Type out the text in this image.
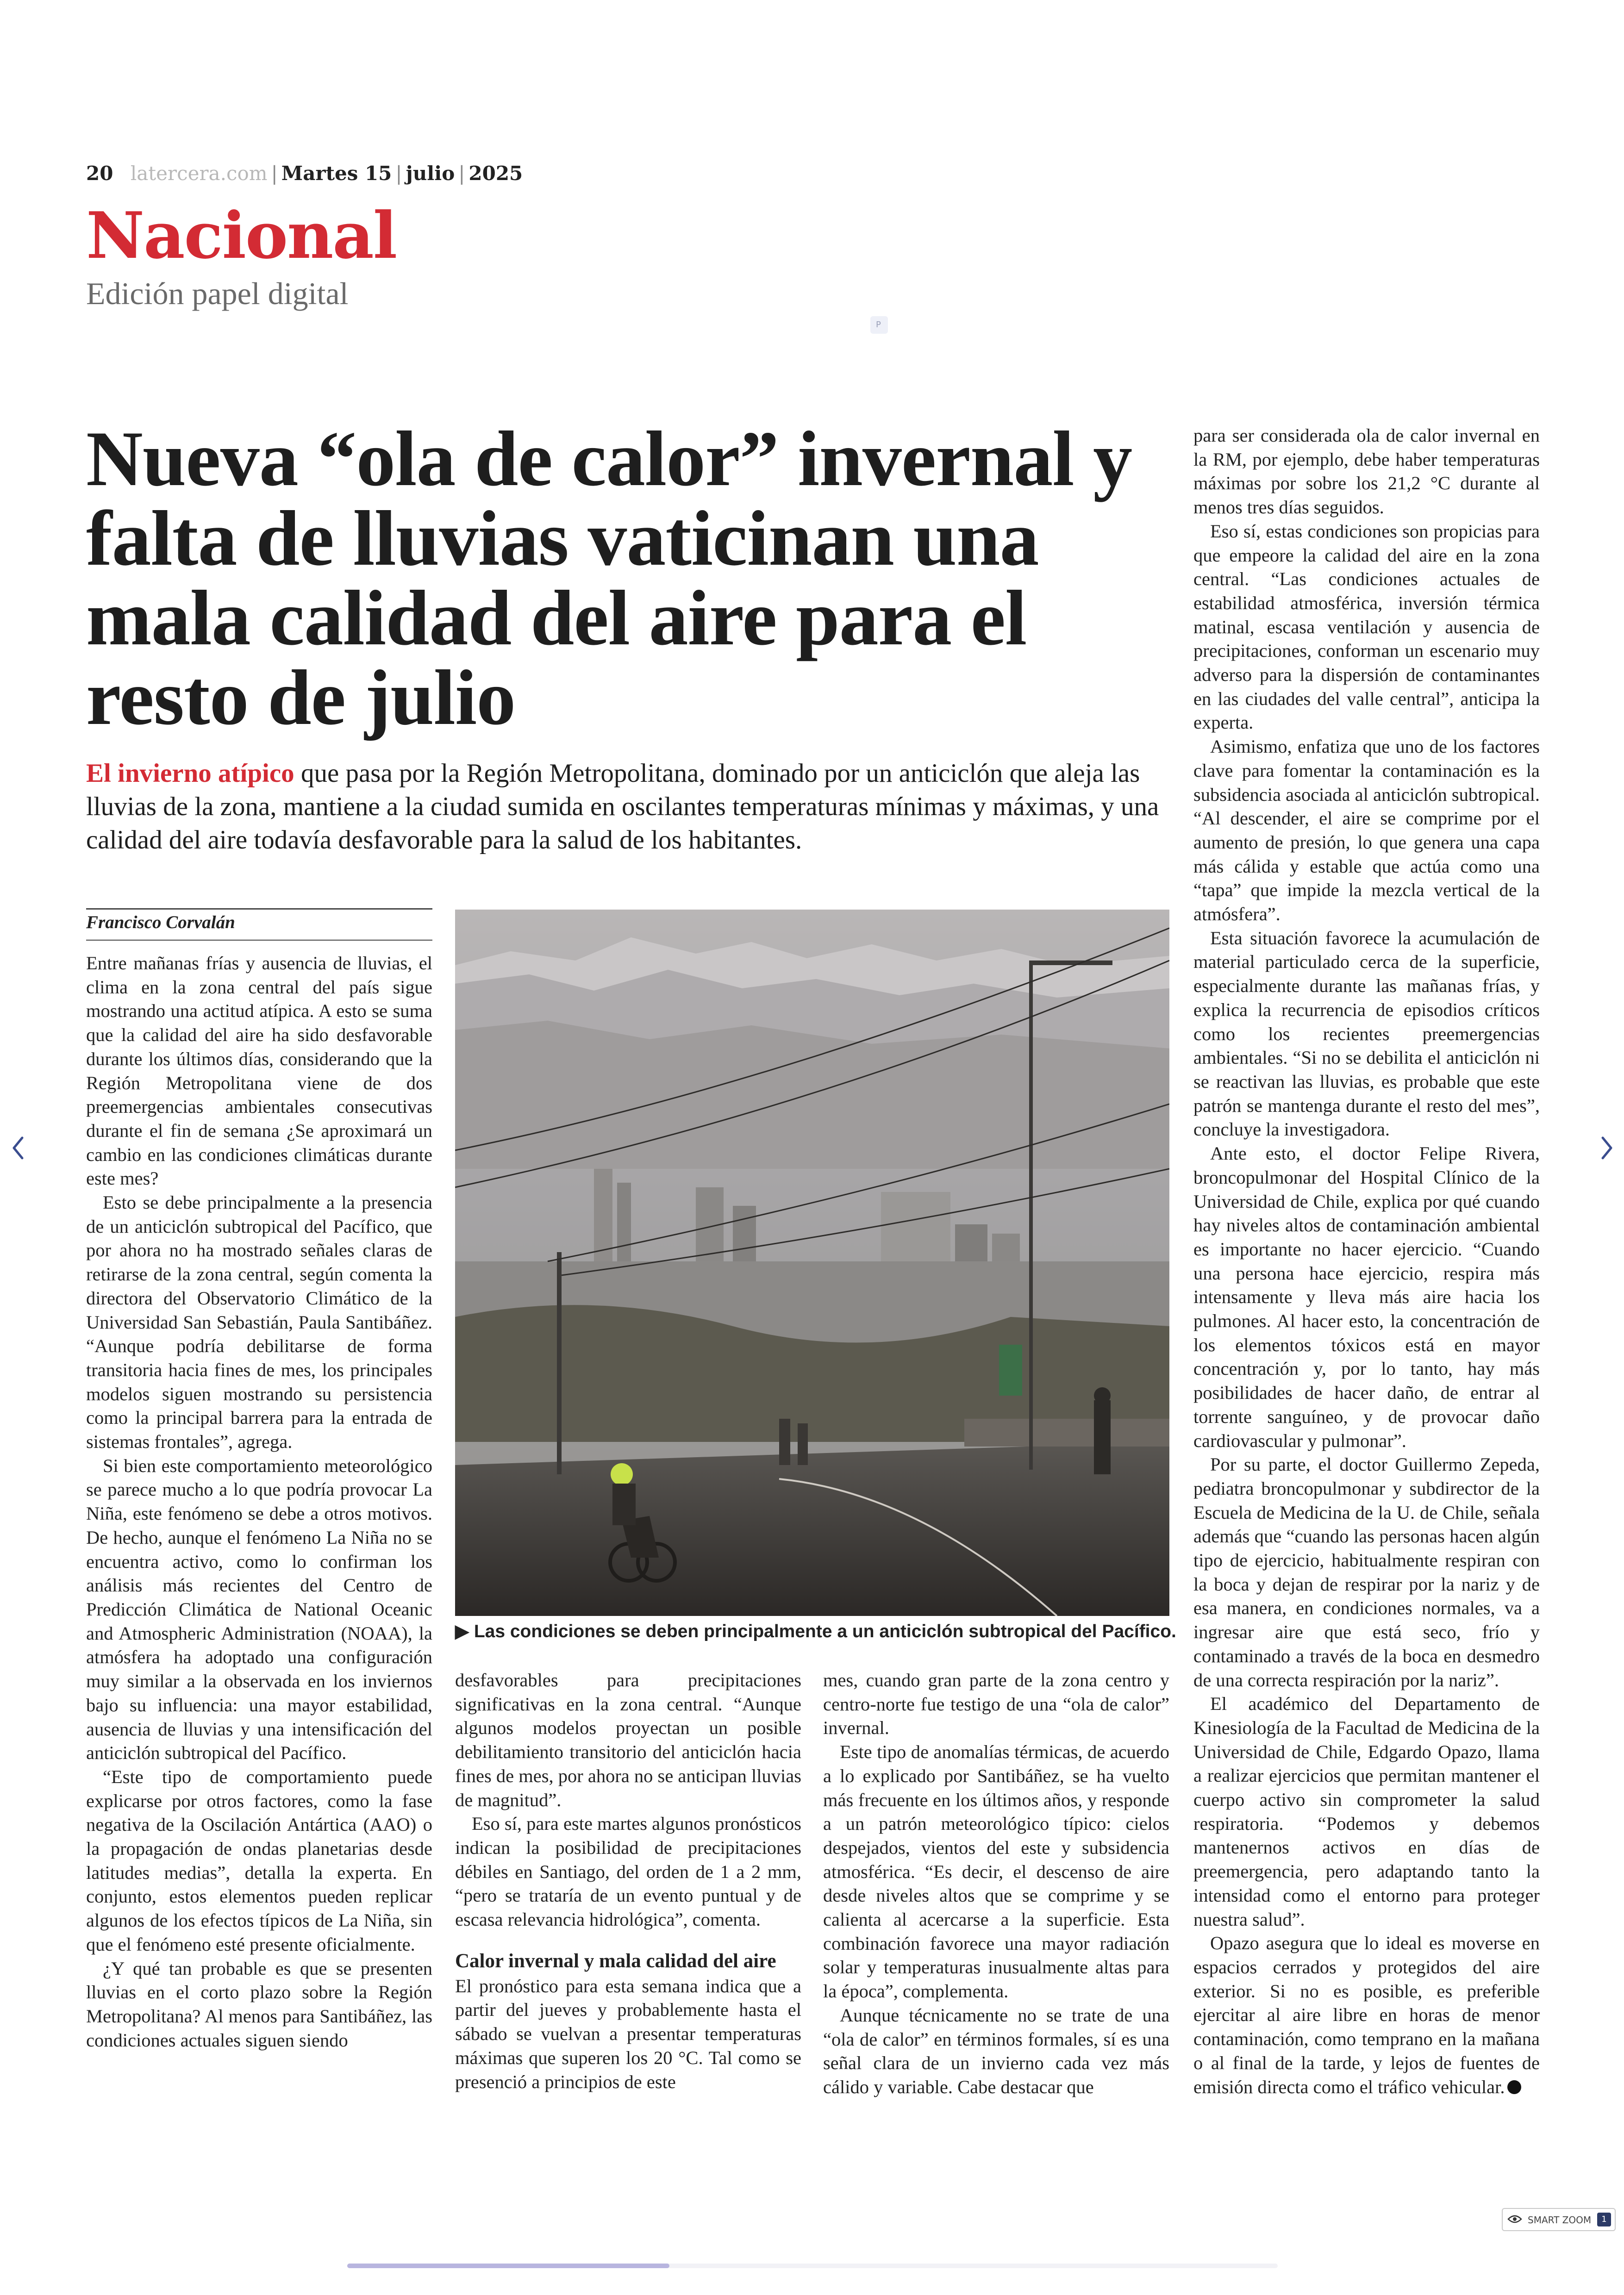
20 latercera.com | Martes 15 | julio | 2025
Nacional
Edición papel digital
P
Nueva “ola de calor” invernal y falta de lluvias vaticinan una mala calidad del aire para el resto de julio
El invierno atípico que pasa por la Región Metropolitana, dominado por un anticiclón que aleja las lluvias de la zona, mantiene a la ciudad sumida en oscilantes temperaturas mínimas y máximas, y una calidad del aire todavía desfavorable para la salud de los habitantes.
Francisco Corvalán

Entre mañanas frías y ausencia de lluvias, el clima en la zona central del país sigue mostrando una actitud atípica. A esto se suma que la calidad del aire ha sido desfavorable durante los últimos días, considerando que la Región Metropolitana viene de dos preemergencias ambientales consecutivas durante el fin de semana ¿Se aproximará un cambio en las condiciones climáticas durante este mes?

Esto se debe principalmente a la presencia de un anticiclón subtropical del Pacífico, que por ahora no ha mostrado señales claras de retirarse de la zona central, según comenta la directora del Observatorio Climático de la Universidad San Sebastián, Paula Santibáñez. “Aunque podría debilitarse de forma transitoria hacia fines de mes, los principales modelos siguen mostrando su persistencia como la principal barrera para la entrada de sistemas frontales”, agrega.

Si bien este comportamiento meteorológico se parece mucho a lo que podría provocar La Niña, este fenómeno se debe a otros motivos. De hecho, aunque el fenómeno La Niña no se encuentra activo, como lo confirman los análisis más recientes del Centro de Predicción Climática de National Oceanic and Atmospheric Administration (NOAA), la atmósfera ha adoptado una configuración muy similar a la observada en los inviernos bajo su influencia: una mayor estabilidad, ausencia de lluvias y una intensificación del anticiclón subtropical del Pacífico.

“Este tipo de comportamiento puede explicarse por otros factores, como la fase negativa de la Oscilación Antártica (AAO) o la propagación de ondas planetarias desde latitudes medias”, detalla la experta. En conjunto, estos elementos pueden replicar algunos de los efectos típicos de La Niña, sin que el fenómeno esté presente oficialmente.

¿Y qué tan probable es que se presenten lluvias en el corto plazo sobre la Región Metropolitana? Al menos para Santibáñez, las condiciones actuales siguen siendo

▶ Las condiciones se deben principalmente a un anticiclón subtropical del Pacífico.

desfavorables para precipitaciones significativas en la zona central. “Aunque algunos modelos proyectan un posible debilitamiento transitorio del anticiclón hacia fines de mes, por ahora no se anticipan lluvias de magnitud”.

Eso sí, para este martes algunos pronósticos indican la posibilidad de precipitaciones débiles en Santiago, del orden de 1 a 2 mm, “pero se trataría de un evento puntual y de escasa relevancia hidrológica”, comenta.

Calor invernal y mala calidad del aire

El pronóstico para esta semana indica que a partir del jueves y probablemente hasta el sábado se vuelvan a presentar temperaturas máximas que superen los 20 °C. Tal como se presenció a principios de este

mes, cuando gran parte de la zona centro y centro-norte fue testigo de una “ola de calor” invernal.

Este tipo de anomalías térmicas, de acuerdo a lo explicado por Santibáñez, se ha vuelto más frecuente en los últimos años, y responde a un patrón meteorológico típico: cielos despejados, vientos del este y subsidencia atmosférica. “Es decir, el descenso de aire desde niveles altos que se comprime y se calienta al acercarse a la superficie. Esta combinación favorece una mayor radiación solar y temperaturas inusualmente altas para la época”, complementa.

Aunque técnicamente no se trate de una “ola de calor” en términos formales, sí es una señal clara de un invierno cada vez más cálido y variable. Cabe destacar que

para ser considerada ola de calor invernal en la RM, por ejemplo, debe haber temperaturas máximas por sobre los 21,2 °C durante al menos tres días seguidos.

Eso sí, estas condiciones son propicias para que empeore la calidad del aire en la zona central. “Las condiciones actuales de estabilidad atmosférica, inversión térmica matinal, escasa ventilación y ausencia de precipitaciones, conforman un escenario muy adverso para la dispersión de contaminantes en las ciudades del valle central”, anticipa la experta.

Asimismo, enfatiza que uno de los factores clave para fomentar la contaminación es la subsidencia asociada al anticiclón subtropical. “Al descender, el aire se comprime por el aumento de presión, lo que genera una capa más cálida y estable que actúa como una “tapa” que impide la mezcla vertical de la atmósfera”.

Esta situación favorece la acumulación de material particulado cerca de la superficie, especialmente durante las mañanas frías, y explica la recurrencia de episodios críticos como los recientes preemergencias ambientales. “Si no se debilita el anticiclón ni se reactivan las lluvias, es probable que este patrón se mantenga durante el resto del mes”, concluye la investigadora.

Ante esto, el doctor Felipe Rivera, broncopulmonar del Hospital Clínico de la Universidad de Chile, explica por qué cuando hay niveles altos de contaminación ambiental es importante no hacer ejercicio. “Cuando una persona hace ejercicio, respira más intensamente y lleva más aire hacia los pulmones. Al hacer esto, la concentración de los elementos tóxicos está en mayor concentración y, por lo tanto, hay más posibilidades de hacer daño, de entrar al torrente sanguíneo, y de provocar daño cardiovascular y pulmonar”.

Por su parte, el doctor Guillermo Zepeda, pediatra broncopulmonar y subdirector de la Escuela de Medicina de la U. de Chile, señala además que “cuando las personas hacen algún tipo de ejercicio, habitualmente respiran con la boca y dejan de respirar por la nariz y de esa manera, en condiciones normales, va a ingresar aire que está seco, frío y contaminado a través de la boca en desmedro de una correcta respiración por la nariz”.

El académico del Departamento de Kinesiología de la Facultad de Medicina de la Universidad de Chile, Edgardo Opazo, llama a realizar ejercicios que permitan mantener el cuerpo activo sin comprometer la salud respiratoria. “Podemos y debemos mantenernos activos en días de preemergencia, pero adaptando tanto la intensidad como el entorno para proteger nuestra salud”.

Opazo asegura que lo ideal es moverse en espacios cerrados y protegidos del aire exterior. Si no es posible, es preferible ejercitar al aire libre en horas de menor contaminación, como temprano en la mañana o al final de la tarde, y lejos de fuentes de emisión directa como el tráfico vehicular.

SMART ZOOM	1
